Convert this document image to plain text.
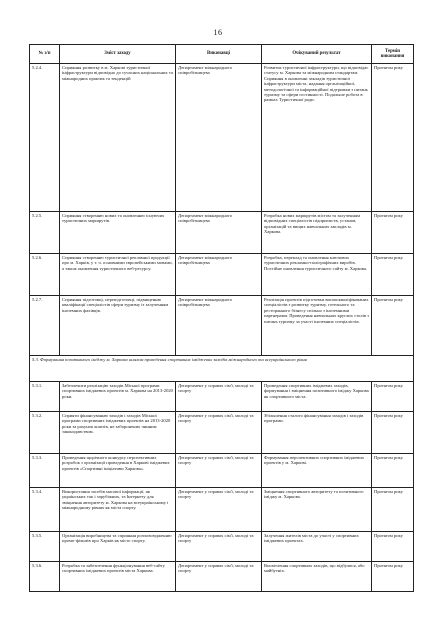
16
№ з/п	Зміст заходу	Виконавці	Очікуваний результат	Термін виконання
5.2.4.	Сприяння розвитку в м. Харкові туристичної інфраструктури відповідно до сучасних національних та міжнародних практик та тенденцій	Департамент міжнародного співробітництва	Розвиток туристичної інфраструктури, що відповідає статусу м. Харкова та міжнародним стандартам. Сприяння в оновленні закладів туристичної інфраструктури міста, надання організаційної, методологічної та інформаційної підтримки з питань туризму та сфери гостинності. Подальше робота в рамках Туристичної ради.	Протягом року
5.2.5.	Сприяння створенню нових та оновленню існуючих туристичних маршрутів.	Департамент міжнародного співробітництва	Розробка нових маршрутів містом та залученням відповідних спеціалістів підприємств, установ, організацій та вищих навчальних закладів м. Харкова.	Протягом року
5.2.6.	Сприяння створенню туристичної рекламної продукції про м. Харків, у т. ч. основними європейськими мовами, а також оновлення туристичного веб-ресурсу.	Департамент міжнародного співробітництва	Розробка, переклад та оновлення ключових туристичних рекламно-поліграфічних виробів. Постійне оновлення туристичного сайту м. Харкова.	Протягом року
5.2.7.	Сприяння підготовці, перепідготовці, підвищенню кваліфікації спеціалістів сфери туризму із залученням іноземних фахівців.	Департамент міжнародного співробітництва	Реалізація проектів підготовки висококваліфікованих спеціалістів з розвитку туризму, готельного та ресторанного бізнесу спільно з іноземними партнерами. Проведення навчальних круглих столів з питань туризму за участі іноземних спеціалістів.	Протягом року
5.3. Формування позитивного іміджу м. Харкова шляхом проведення спортивних іміджевих заходів міжнародного та всеукраїнського рівня				
5.3.1.	Забезпечити реалізацію заходів Міської програми спортивних іміджевих проектів м. Харкова на 2013-2020 роки.	Департамент у справах сім'ї, молоді та спорту	Проведення спортивних іміджевих заходів, формування і зміцнення позитивного іміджу Харкова як спортивного міста.	Протягом року
5.3.2.	Сприяти фінансуванню заходів і заходів Міської програми спортивних іміджевих проектів на 2013-2020 роки за рахунок коштів, не заборонених чинним законодавством.	Департамент у справах сім'ї, молоді та спорту	Збільшення сталого фінансування заходів і заходів програми.	Протягом року
5.3.3.	Проведення щорічного конкурсу перспективних розробок з організації проведення в Харкові іміджевих проектів «Спортивні ініціативи Харкова».	Департамент у справах сім'ї, молоді та спорту	Формування перспективних спортивних іміджевих проектів у м. Харкові.	Протягом року
5.3.4.	Використання засобів масової інформації, як українських так і зарубіжних, та Інтернету для зміцнення авторитету м. Харкова на всеукраїнському і міжнародному рівнях як міста спорту.	Департамент у справах сім'ї, молоді та спорту	Зміцнення спортивного авторитету та позитивного іміджу м. Харкова.	Протягом року
5.3.5.	Організація виробництва та сприяння розповсюдженню промо-фільмів про Харків як місто спорту.	Департамент у справах сім'ї, молоді та спорту	Залучення жителів міста до участі у спортивних іміджевих проектах.	Протягом року
5.3.6.	Розробка та забезпечення функціонування веб-сайту спортивних іміджевих проектів міста Харкова.	Департамент у справах сім'ї, молоді та спорту	Висвітлення спортивних заходів, що відбулися, або майбутніх.	Протягом року
